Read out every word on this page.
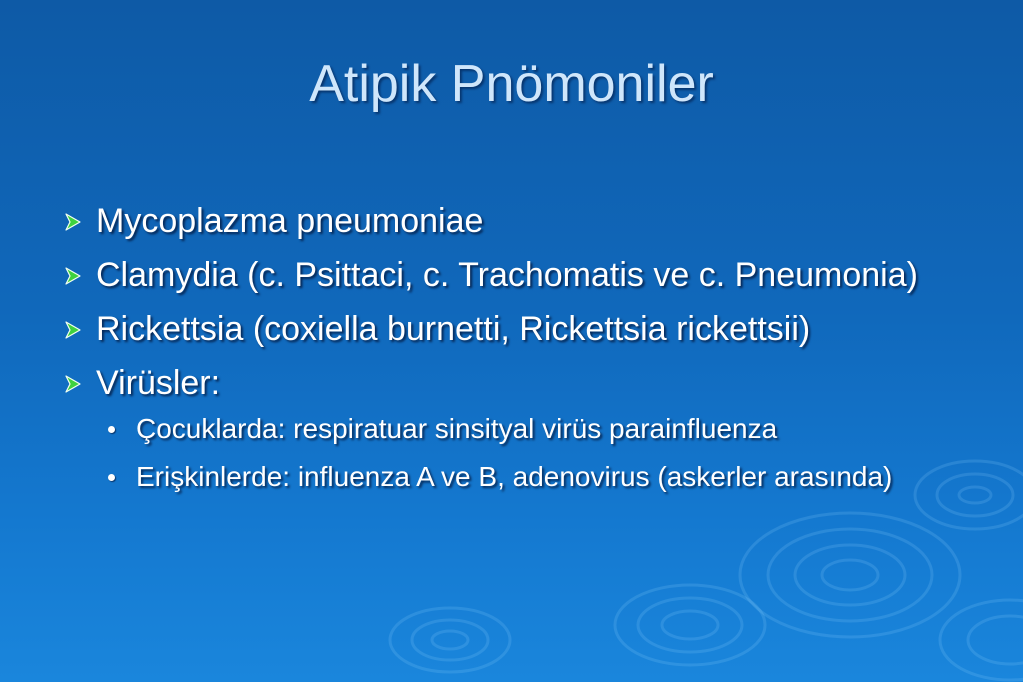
Atipik Pnömoniler
Mycoplazma pneumoniae
Clamydia (c. Psittaci, c. Trachomatis ve c. Pneumonia)
Rickettsia (coxiella burnetti, Rickettsia rickettsii)
Virüsler:
Çocuklarda: respiratuar sinsityal virüs parainfluenza
Erişkinlerde: influenza A ve B, adenovirus (askerler arasında)
